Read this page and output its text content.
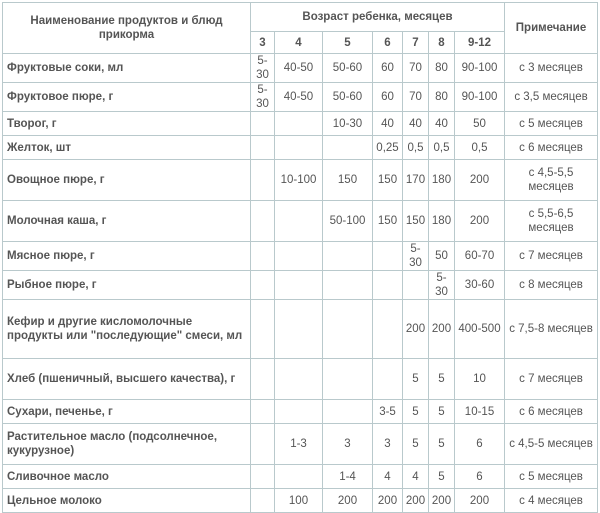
Наименование продуктов и блюд прикорма	Возраст ребенка, месяцев							Примечание
	3	4	5	6	7	8	9-12	
Фруктовые соки, мл	5-30	40-50	50-60	60	70	80	90-100	с 3 месяцев
Фруктовое пюре, г	5-30	40-50	50-60	60	70	80	90-100	с 3,5 месяцев
Творог, г			10-30	40	40	40	50	с 5 месяцев
Желток, шт				0,25	0,5	0,5	0,5	с 6 месяцев
Овощное пюре, г		10-100	150	150	170	180	200	с 4,5-5,5 месяцев
Молочная каша, г			50-100	150	150	180	200	с 5,5-6,5 месяцев
Мясное пюре, г					5-30	50	60-70	с 7 месяцев
Рыбное пюре, г						5-30	30-60	с 8 месяцев
Кефир и другие кисломолочные продукты или "последующие" смеси, мл					200	200	400-500	с 7,5-8 месяцев
Хлеб (пшеничный, высшего качества), г					5	5	10	с 7 месяцев
Сухари, печенье, г				3-5	5	5	10-15	с 6 месяцев
Растительное масло (подсолнечное, кукурузное)		1-3	3	3	5	5	6	с 4,5-5 месяцев
Сливочное масло			1-4	4	4	5	6	с 5 месяцев
Цельное молоко		100	200	200	200	200	200	с 4 месяцев
